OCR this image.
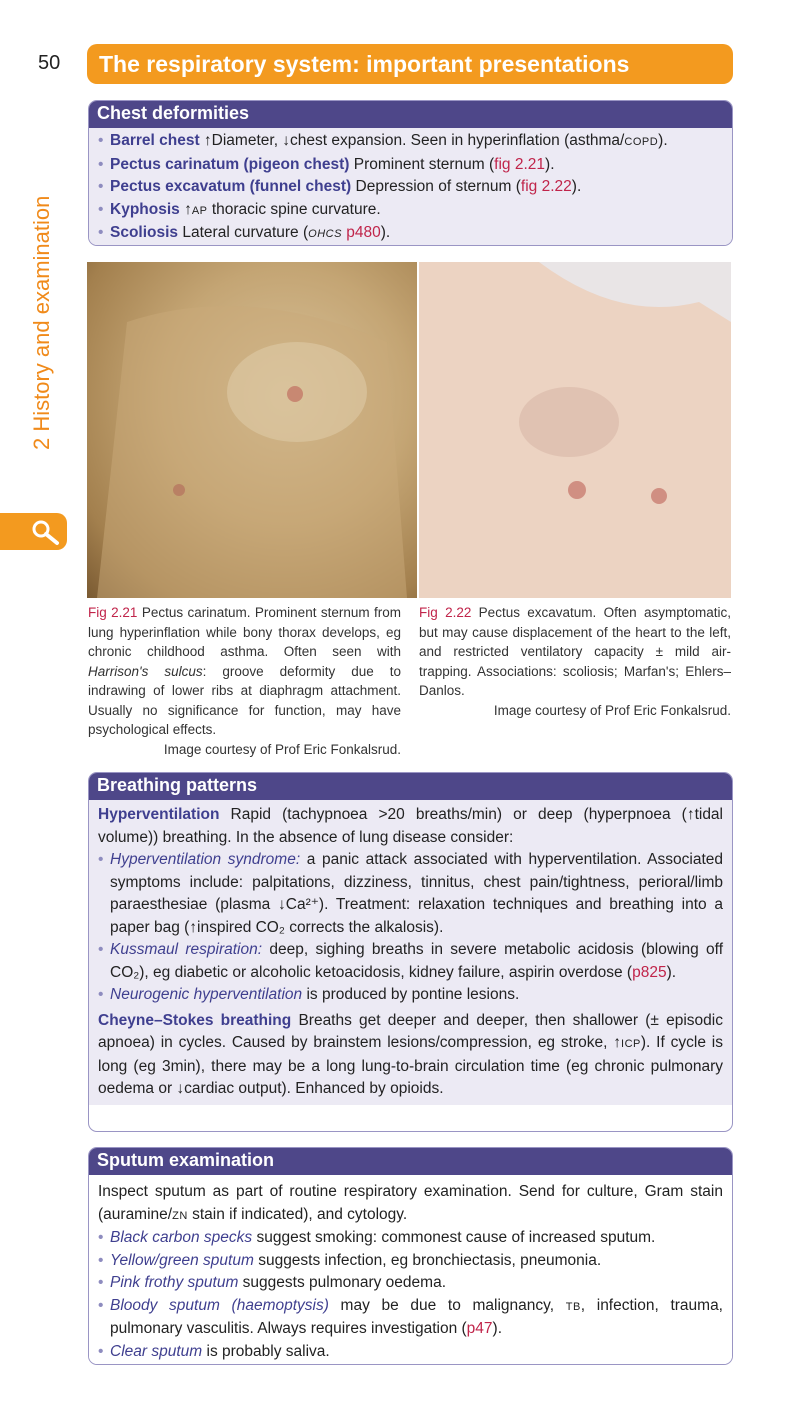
50	The respiratory system: important presentations
2 History and examination
Chest deformities
• Barrel chest ↑Diameter, ↓chest expansion. Seen in hyperinflation (asthma/COPD).
• Pectus carinatum (pigeon chest) Prominent sternum (fig 2.21).
• Pectus excavatum (funnel chest) Depression of sternum (fig 2.22).
• Kyphosis ↑AP thoracic spine curvature.
• Scoliosis Lateral curvature (OHCS p480).
Fig 2.21 Pectus carinatum. Prominent sternum from lung hyperinflation while bony thorax develops, eg chronic childhood asthma. Often seen with Harrison's sulcus: groove deformity due to indrawing of lower ribs at diaphragm attachment. Usually no significance for function, may have psychological effects.
Image courtesy of Prof Eric Fonkalsrud.
Fig 2.22 Pectus excavatum. Often asymptomatic, but may cause displacement of the heart to the left, and restricted ventilatory capacity ± mild air-trapping. Associations: scoliosis; Marfan's; Ehlers–Danlos.
Image courtesy of Prof Eric Fonkalsrud.
Breathing patterns
Hyperventilation Rapid (tachypnoea >20 breaths/min) or deep (hyperpnoea (↑tidal volume)) breathing. In the absence of lung disease consider:
• Hyperventilation syndrome: a panic attack associated with hyperventilation. Associated symptoms include: palpitations, dizziness, tinnitus, chest pain/tightness, perioral/limb paraesthesiae (plasma ↓Ca²⁺). Treatment: relaxation techniques and breathing into a paper bag (↑inspired CO₂ corrects the alkalosis).
• Kussmaul respiration: deep, sighing breaths in severe metabolic acidosis (blowing off CO₂), eg diabetic or alcoholic ketoacidosis, kidney failure, aspirin overdose (p825).
• Neurogenic hyperventilation is produced by pontine lesions.
Cheyne–Stokes breathing Breaths get deeper and deeper, then shallower (± episodic apnoea) in cycles. Caused by brainstem lesions/compression, eg stroke, ↑ICP). If cycle is long (eg 3min), there may be a long lung-to-brain circulation time (eg chronic pulmonary oedema or ↓cardiac output). Enhanced by opioids.
Sputum examination
Inspect sputum as part of routine respiratory examination. Send for culture, Gram stain (auramine/ZN stain if indicated), and cytology.
• Black carbon specks suggest smoking: commonest cause of increased sputum.
• Yellow/green sputum suggests infection, eg bronchiectasis, pneumonia.
• Pink frothy sputum suggests pulmonary oedema.
• Bloody sputum (haemoptysis) may be due to malignancy, TB, infection, trauma, pulmonary vasculitis. Always requires investigation (p47).
• Clear sputum is probably saliva.
